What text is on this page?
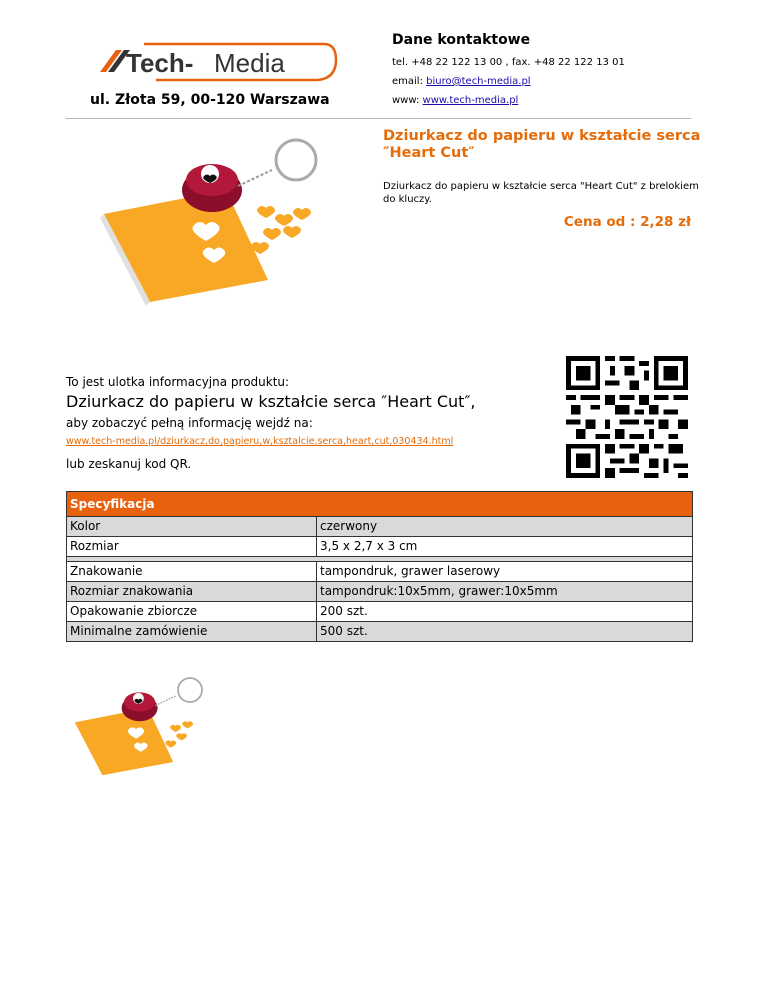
Tech- Media
ul. Złota 59, 00-120 Warszawa
Dane kontaktowe
tel. +48 22 122 13 00 , fax. +48 22 122 13 01
email: biuro@tech-media.pl
www: www.tech-media.pl
Dziurkacz do papieru w kształcie serca ″Heart Cut″
Dziurkacz do papieru w kształcie serca "Heart Cut" z brelokiem do kluczy.
Cena od : 2,28 zł
To jest ulotka informacyjna produktu:
Dziurkacz do papieru w kształcie serca ″Heart Cut″,
aby zobaczyć pełną informację wejdź na:
www.tech-media.pl/dziurkacz,do,papieru,w,ksztalcie,serca,heart,cut,030434.html
lub zeskanuj kod QR.
Specyfikacja
Kolor	czerwony
Rozmiar	3,5 x 2,7 x 3 cm
Znakowanie	tampondruk, grawer laserowy
Rozmiar znakowania	tampondruk:10x5mm, grawer:10x5mm
Opakowanie zbiorcze	200 szt.
Minimalne zamówienie	500 szt.
